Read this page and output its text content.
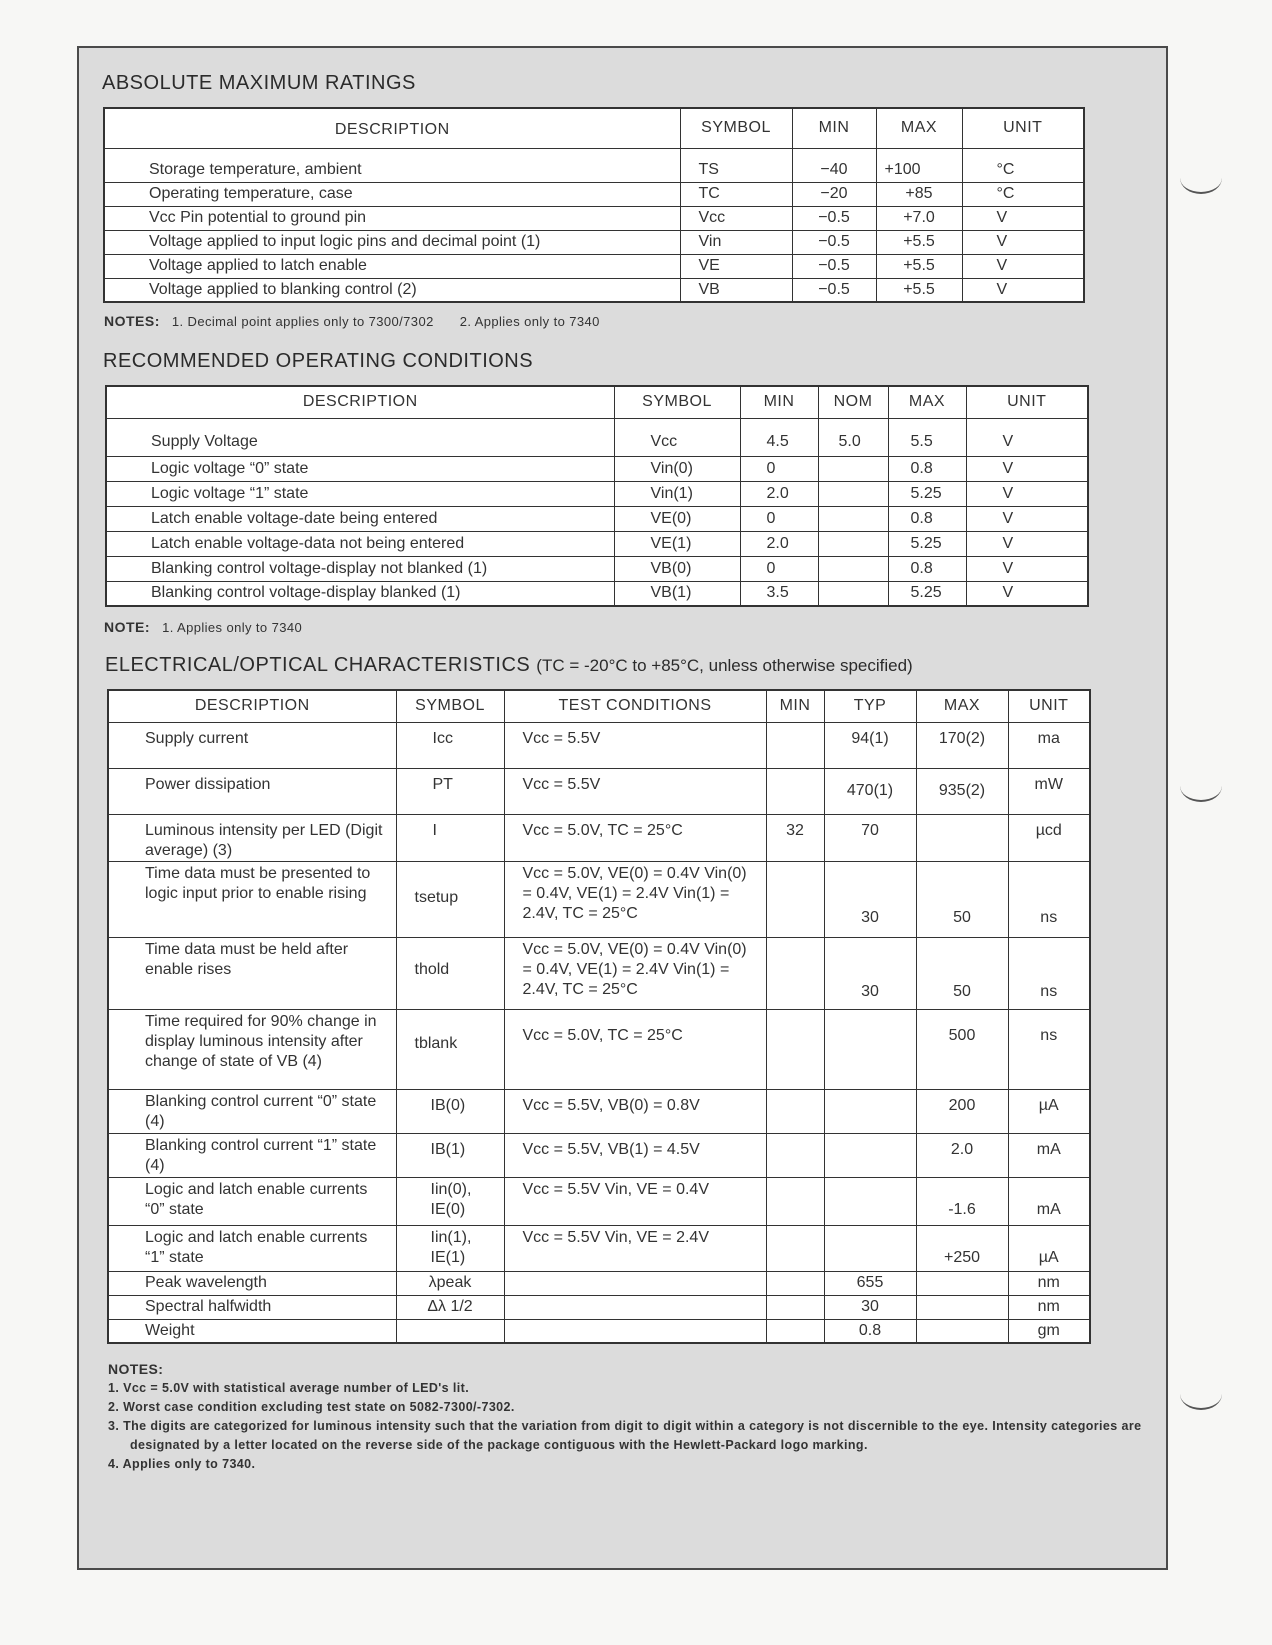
ABSOLUTE MAXIMUM RATINGS
DESCRIPTION	SYMBOL	MIN	MAX	UNIT
Storage temperature, ambient	TS	−40	+100	°C
Operating temperature, case	TC	−20	+85	°C
Vcc Pin potential to ground pin	Vcc	−0.5	+7.0	V
Voltage applied to input logic pins and decimal point (1)	Vin	−0.5	+5.5	V
Voltage applied to latch enable	VE	−0.5	+5.5	V
Voltage applied to blanking control (2)	VB	−0.5	+5.5	V
NOTES: 1. Decimal point applies only to 7300/7302 2. Applies only to 7340
RECOMMENDED OPERATING CONDITIONS
DESCRIPTION	SYMBOL	MIN	NOM	MAX	UNIT
Supply Voltage	Vcc	4.5	5.0	5.5	V
Logic voltage “0” state	Vin(0)	0		0.8	V
Logic voltage “1” state	Vin(1)	2.0		5.25	V
Latch enable voltage-date being entered	VE(0)	0		0.8	V
Latch enable voltage-data not being entered	VE(1)	2.0		5.25	V
Blanking control voltage-display not blanked (1)	VB(0)	0		0.8	V
Blanking control voltage-display blanked (1)	VB(1)	3.5		5.25	V
NOTE: 1. Applies only to 7340
ELECTRICAL/OPTICAL CHARACTERISTICS (TC = -20°C to +85°C, unless otherwise specified)
DESCRIPTION	SYMBOL	TEST CONDITIONS	MIN	TYP	MAX	UNIT
Supply current	Icc	Vcc = 5.5V		94(1)	170(2)	ma
Power dissipation	PT	Vcc = 5.5V		470(1)	935(2)	mW
Luminous intensity per LED (Digit average) (3)	I	Vcc = 5.0V, TC = 25°C	32	70		µcd
Time data must be presented to logic input prior to enable rising	tsetup	Vcc = 5.0V, VE(0) = 0.4V Vin(0) = 0.4V, VE(1) = 2.4V Vin(1) = 2.4V, TC = 25°C		30	50	ns
Time data must be held after enable rises	thold	Vcc = 5.0V, VE(0) = 0.4V Vin(0) = 0.4V, VE(1) = 2.4V Vin(1) = 2.4V, TC = 25°C		30	50	ns
Time required for 90% change in display luminous intensity after change of state of VB (4)	tblank	Vcc = 5.0V, TC = 25°C			500	ns
Blanking control current “0” state (4)	IB(0)	Vcc = 5.5V, VB(0) = 0.8V			200	µA
Blanking control current “1” state (4)	IB(1)	Vcc = 5.5V, VB(1) = 4.5V			2.0	mA
Logic and latch enable currents “0” state	Iin(0), IE(0)	Vcc = 5.5V Vin, VE = 0.4V			-1.6	mA
Logic and latch enable currents “1” state	Iin(1), IE(1)	Vcc = 5.5V Vin, VE = 2.4V			+250	µA
Peak wavelength	λpeak			655		nm
Spectral halfwidth	Δλ 1/2			30		nm
Weight				0.8		gm
NOTES:
1. Vcc = 5.0V with statistical average number of LED's lit.
2. Worst case condition excluding test state on 5082-7300/-7302.
3. The digits are categorized for luminous intensity such that the variation from digit to digit within a category is not discernible to the eye. Intensity categories are designated by a letter located on the reverse side of the package contiguous with the Hewlett-Packard logo marking.
4. Applies only to 7340.
